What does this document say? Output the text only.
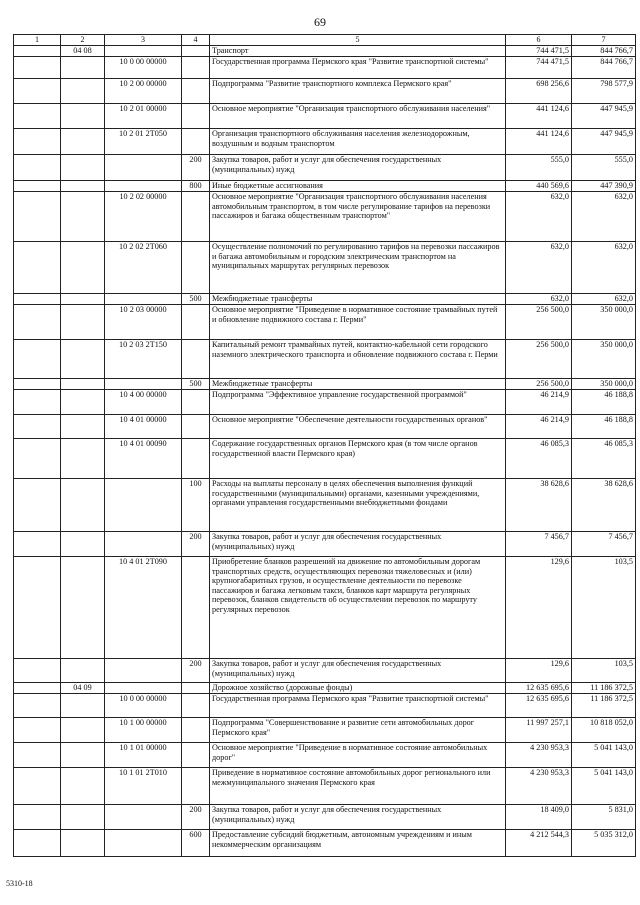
69
1	2	3	4	5	6	7
	04 08			Транспорт	744 471,5	844 766,7
		10 0 00 00000		Государственная программа Пермского края "Развитие транспортной системы"	744 471,5	844 766,7
		10 2 00 00000		Подпрограмма "Развитие транспортного комплекса Пермского края"	698 256,6	798 577,9
		10 2 01 00000		Основное мероприятие "Организация транспортного обслуживания населения"	441 124,6	447 945,9
		10 2 01 2Т050		Организация транспортного обслуживания населения железнодорожным, воздушным и водным транспортом	441 124,6	447 945,9
			200	Закупка товаров, работ и услуг для обеспечения государственных (муниципальных) нужд	555,0	555,0
			800	Иные бюджетные ассигнования	440 569,6	447 390,9
		10 2 02 00000		Основное мероприятие "Организация транспортного обслуживания населения автомобильным транспортом, в том числе регулирование тарифов на перевозки пассажиров и багажа общественным транспортом"	632,0	632,0
		10 2 02 2Т060		Осуществление полномочий по регулированию тарифов на перевозки пассажиров и багажа автомобильным и городским электрическим транспортом на муниципальных маршрутах регулярных перевозок	632,0	632,0
			500	Межбюджетные трансферты	632,0	632,0
		10 2 03 00000		Основное мероприятие "Приведение в нормативное состояние трамвайных путей и обновление подвижного состава г. Перми"	256 500,0	350 000,0
		10 2 03 2Т150		Капитальный ремонт трамвайных путей, контактно-кабельной сети городского наземного электрического транспорта и обновление подвижного состава г. Перми	256 500,0	350 000,0
			500	Межбюджетные трансферты	256 500,0	350 000,0
		10 4 00 00000		Подпрограмма "Эффективное управление государственной программой"	46 214,9	46 188,8
		10 4 01 00000		Основное мероприятие "Обеспечение деятельности государственных органов"	46 214,9	46 188,8
		10 4 01 00090		Содержание государственных органов Пермского края (в том числе органов государственной власти Пермского края)	46 085,3	46 085,3
			100	Расходы на выплаты персоналу в целях обеспечения выполнения функций государственными (муниципальными) органами, казенными учреждениями, органами управления государственными внебюджетными фондами	38 628,6	38 628,6
			200	Закупка товаров, работ и услуг для обеспечения государственных (муниципальных) нужд	7 456,7	7 456,7
		10 4 01 2Т090		Приобретение бланков разрешений на движение по автомобильным дорогам транспортных средств, осуществляющих перевозки тяжеловесных и (или) крупногабаритных грузов, и осуществление деятельности по перевозке пассажиров и багажа легковым такси, бланков карт маршрута регулярных перевозок, бланков свидетельств об осуществлении перевозок по маршруту регулярных перевозок	129,6	103,5
			200	Закупка товаров, работ и услуг для обеспечения государственных (муниципальных) нужд	129,6	103,5
	04 09			Дорожное хозяйство (дорожные фонды)	12 635 695,6	11 186 372,5
		10 0 00 00000		Государственная программа Пермского края "Развитие транспортной системы"	12 635 695,6	11 186 372,5
		10 1 00 00000		Подпрограмма "Совершенствование и развитие сети автомобильных дорог Пермского края"	11 997 257,1	10 818 052,0
		10 1 01 00000		Основное мероприятие "Приведение в нормативное состояние автомобильных дорог"	4 230 953,3	5 041 143,0
		10 1 01 2Т010		Приведение в нормативное состояние автомобильных дорог регионального или межмуниципального значения Пермского края	4 230 953,3	5 041 143,0
			200	Закупка товаров, работ и услуг для обеспечения государственных (муниципальных) нужд	18 409,0	5 831,0
			600	Предоставление субсидий бюджетным, автономным учреждениям и иным некоммерческим организациям	4 212 544,3	5 035 312,0
5310-18
